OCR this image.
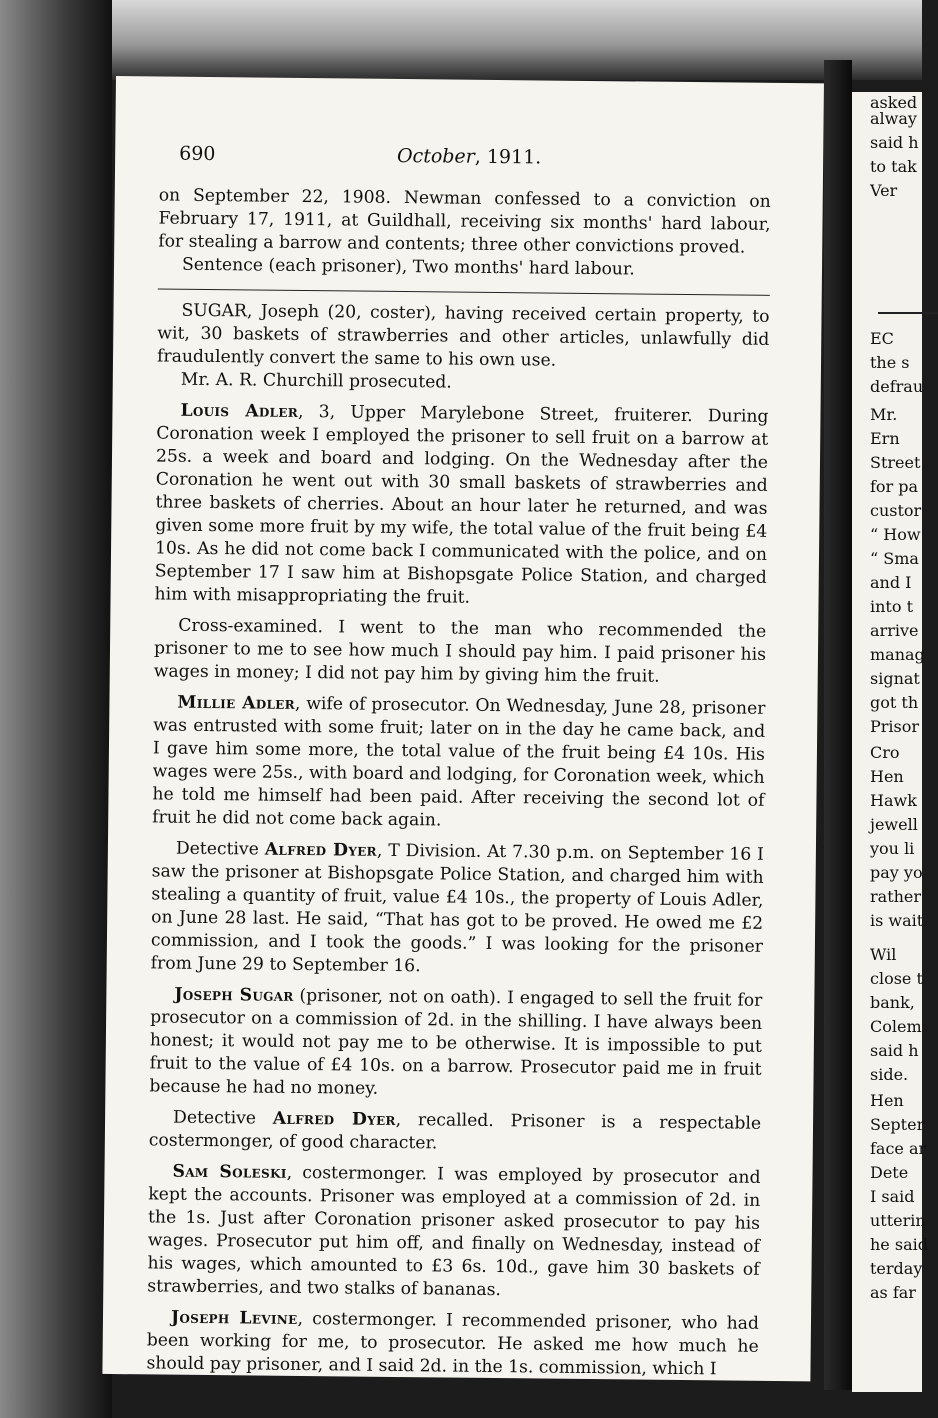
690	October, 1911.

on September 22, 1908. Newman confessed to a conviction on February 17, 1911, at Guildhall, receiving six months' hard labour, for stealing a barrow and contents; three other convictions proved.

Sentence (each prisoner), Two months' hard labour.

SUGAR, Joseph (20, coster), having received certain property, to wit, 30 baskets of strawberries and other articles, unlawfully did fraudulently convert the same to his own use.

Mr. A. R. Churchill prosecuted.

Louis Adler, 3, Upper Marylebone Street, fruiterer. During Coronation week I employed the prisoner to sell fruit on a barrow at 25s. a week and board and lodging. On the Wednesday after the Coronation he went out with 30 small baskets of strawberries and three baskets of cherries. About an hour later he returned, and was given some more fruit by my wife, the total value of the fruit being £4 10s. As he did not come back I communicated with the police, and on September 17 I saw him at Bishopsgate Police Station, and charged him with misappropriating the fruit.

Cross-examined. I went to the man who recommended the prisoner to me to see how much I should pay him. I paid prisoner his wages in money; I did not pay him by giving him the fruit.

Millie Adler, wife of prosecutor. On Wednesday, June 28, prisoner was entrusted with some fruit; later on in the day he came back, and I gave him some more, the total value of the fruit being £4 10s. His wages were 25s., with board and lodging, for Coronation week, which he told me himself had been paid. After receiving the second lot of fruit he did not come back again.

Detective Alfred Dyer, T Division. At 7.30 p.m. on September 16 I saw the prisoner at Bishopsgate Police Station, and charged him with stealing a quantity of fruit, value £4 10s., the property of Louis Adler, on June 28 last. He said, “That has got to be proved. He owed me £2 commission, and I took the goods.” I was looking for the prisoner from June 29 to September 16.

Joseph Sugar (prisoner, not on oath). I engaged to sell the fruit for prosecutor on a commission of 2d. in the shilling. I have always been honest; it would not pay me to be otherwise. It is impossible to put fruit to the value of £4 10s. on a barrow. Prosecutor paid me in fruit because he had no money.

Detective Alfred Dyer, recalled. Prisoner is a respectable costermonger, of good character.

Sam Soleski, costermonger. I was employed by prosecutor and kept the accounts. Prisoner was employed at a commission of 2d. in the 1s. Just after Coronation prisoner asked prosecutor to pay his wages. Prosecutor put him off, and finally on Wednesday, instead of his wages, which amounted to £3 6s. 10d., gave him 30 baskets of strawberries, and two stalks of bananas.

Joseph Levine, costermonger. I recommended prisoner, who had been working for me, to prosecutor. He asked me how much he should pay prisoner, and I said 2d. in the 1s. commission, which I

alway
said h
to tak
Ver
EC
the s
defrau
Mr.
Ern
Street
for pa
custor
“ How
“ Sma
and I
into t
arrive
manag
signat
got th
Prisor
Cro
Hen
Hawk
jewell
you li
pay yo
rather
is wait
Wil
close t
bank,
Colem
said h
side.
Hen
Septer
face ar
Dete
I said
utterin
he said
terday
as far
asked
